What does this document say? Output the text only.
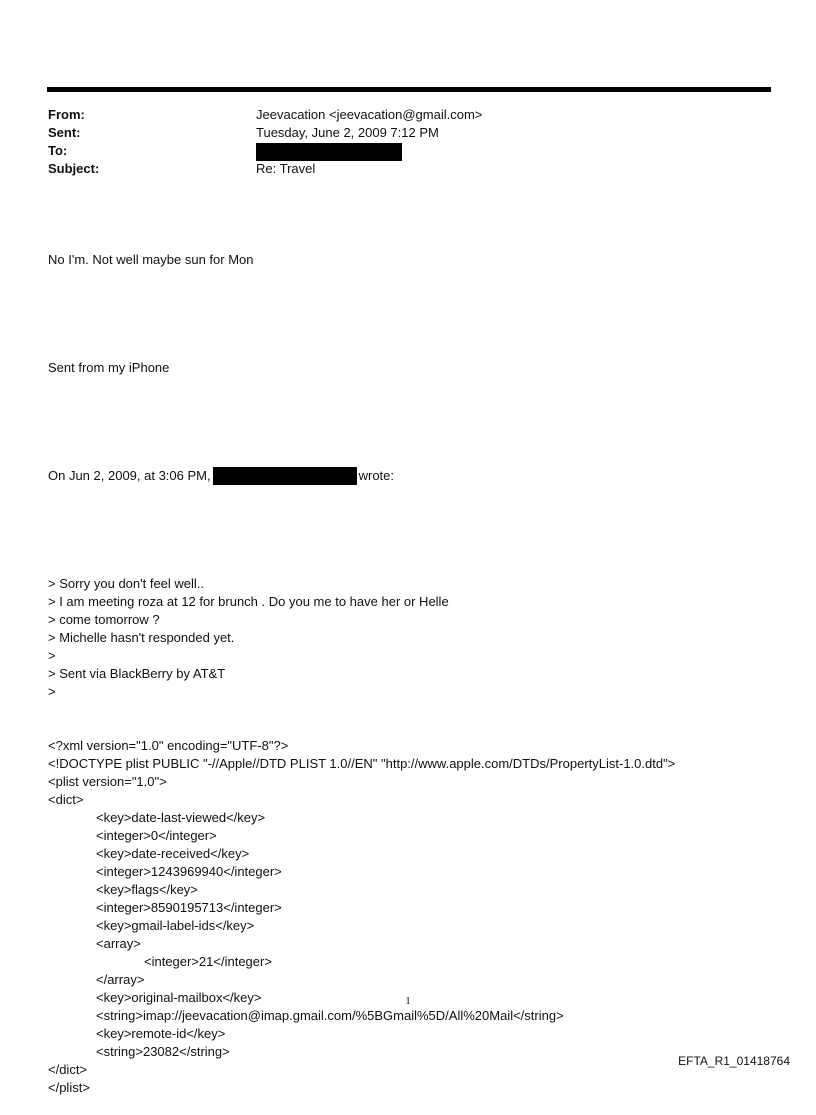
From:	Jeevacation <jeevacation@gmail.com>
Sent:	Tuesday, June 2, 2009 7:12 PM
To:
Subject:	Re: Travel

No I'm. Not well maybe sun for Mon

Sent from my iPhone

On Jun 2, 2009, at 3:06 PM,	wrote:

> Sorry you don't feel well..
> I am meeting roza at 12 for brunch . Do you me to have her or Helle
> come tomorrow ?
> Michelle hasn't responded yet.
>
> Sent via BlackBerry by AT&T
>

<?xml version="1.0" encoding="UTF-8"?>
<!DOCTYPE plist PUBLIC "-//Apple//DTD PLIST 1.0//EN" "http://www.apple.com/DTDs/PropertyList-1.0.dtd">
<plist version="1.0">
<dict>
<key>date-last-viewed</key>
<integer>0</integer>
<key>date-received</key>
<integer>1243969940</integer>
<key>flags</key>
<integer>8590195713</integer>
<key>gmail-label-ids</key>
<array>
<integer>21</integer>
</array>
<key>original-mailbox</key>
<string>imap://jeevacation@imap.gmail.com/%5BGmail%5D/All%20Mail</string>
<key>remote-id</key>
<string>23082</string>
</dict>
</plist>

1
EFTA_R1_01418764
